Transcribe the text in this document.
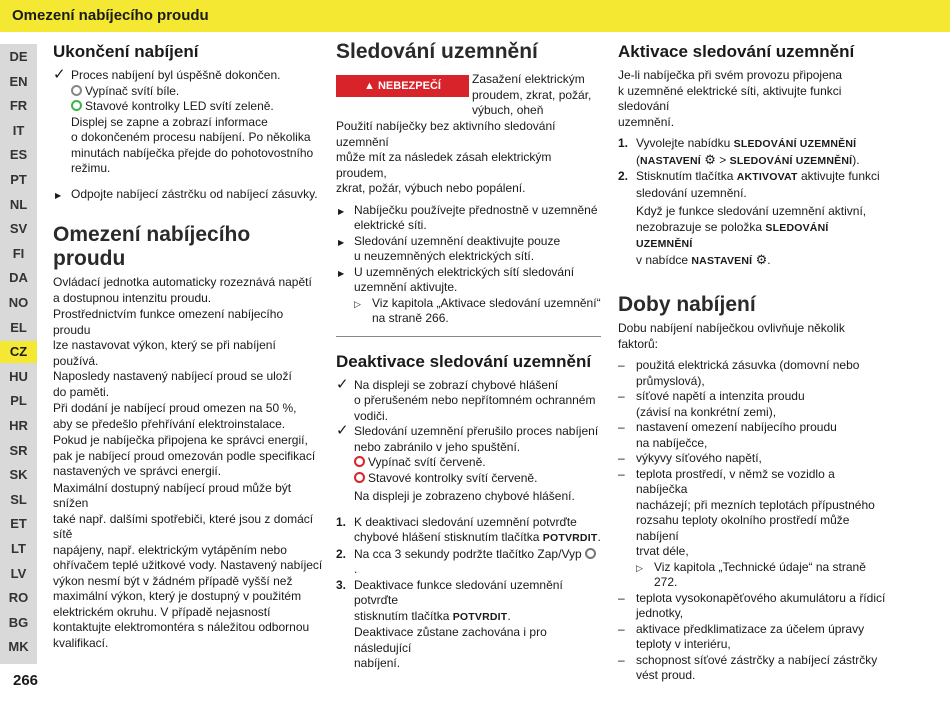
Omezení nabíjecího proudu
DE
EN
FR
IT
ES
PT
NL
SV
FI
DA
NO
EL
CZ
HU
PL
HR
SR
SK
SL
ET
LT
LV
RO
BG
MK
266

Ukončení nabíjení

✓ Proces nabíjení byl úspěšně dokončen.

Vypínač svítí bíle.

Stavové kontrolky LED svítí zeleně.

Displej se zapne a zobrazí informace

o dokončeném procesu nabíjení. Po několika

minutách nabíječka přejde do pohotovostního

režimu.

▶ Odpojte nabíjecí zástrčku od nabíjecí zásuvky.

Omezení nabíjecího proudu

Ovládací jednotka automaticky rozeznává napětí

a dostupnou intenzitu proudu.

Prostřednictvím funkce omezení nabíjecího proudu

lze nastavovat výkon, který se při nabíjení používá.

Naposledy nastavený nabíjecí proud se uloží

do paměti.

Při dodání je nabíjecí proud omezen na 50 %,

aby se předešlo přehřívání elektroinstalace.

Pokud je nabíječka připojena ke správci energií,

pak je nabíjecí proud omezován podle specifikací

nastavených ve správci energií.

Maximální dostupný nabíjecí proud může být snížen

také např. dalšími spotřebiči, které jsou z domácí sítě

napájeny, např. elektrickým vytápěním nebo

ohřívačem teplé užitkové vody. Nastavený nabíjecí

výkon nesmí být v žádném případě vyšší než

maximální výkon, který je dostupný v použitém

elektrickém okruhu. V případě nejasností

kontaktujte elektromontéra s náležitou odbornou

kvalifikací.

Sledování uzemnění

▲ NEBEZPEČÍ	Zasažení elektrickým

proudem, zkrat, požár,

výbuch, oheň

Použití nabíječky bez aktivního sledování uzemnění

může mít za následek zásah elektrickým proudem,

zkrat, požár, výbuch nebo popálení.

▶ Nabíječku používejte přednostně v uzemněné

elektrické síti.

▶ Sledování uzemnění deaktivujte pouze

u neuzemněných elektrických sítí.

▶ U uzemněných elektrických sítí sledování

uzemnění aktivujte.

▷ Viz kapitola „Aktivace sledování uzemnění“

na straně 266.

Deaktivace sledování uzemnění

✓ Na displeji se zobrazí chybové hlášení

o přerušeném nebo nepřítomném ochranném

vodiči.

✓ Sledování uzemnění přerušilo proces nabíjení

nebo zabránilo v jeho spuštění.

Vypínač svítí červeně.

Stavové kontrolky svítí červeně.

Na displeji je zobrazeno chybové hlášení.

1. K deaktivaci sledování uzemnění potvrďte

chybové hlášení stisknutím tlačítka POTVRDIT.

2. Na cca 3 sekundy podržte tlačítko Zap/Vyp .

3. Deaktivace funkce sledování uzemnění potvrďte

stisknutím tlačítka POTVRDIT.

Deaktivace zůstane zachována i pro následující

nabíjení.

Aktivace sledování uzemnění

Je-li nabíječka při svém provozu připojena

k uzemněné elektrické síti, aktivujte funkci sledování

uzemnění.

1. Vyvolejte nabídku SLEDOVÁNÍ UZEMNĚNÍ

(NASTAVENÍ ⚙ > SLEDOVÁNÍ UZEMNĚNÍ).

2. Stisknutím tlačítka AKTIVOVAT aktivujte funkci

sledování uzemnění.

Když je funkce sledování uzemnění aktivní,

nezobrazuje se položka SLEDOVÁNÍ UZEMNĚNÍ

v nabídce NASTAVENÍ ⚙.

Doby nabíjení

Dobu nabíjení nabíječkou ovlivňuje několik faktorů:

– použitá elektrická zásuvka (domovní nebo

průmyslová),

– síťové napětí a intenzita proudu

(závisí na konkrétní zemi),

– nastavení omezení nabíjecího proudu

na nabíječce,

– výkyvy síťového napětí,

– teplota prostředí, v němž se vozidlo a nabíječka

nacházejí; při mezních teplotách přípustného

rozsahu teploty okolního prostředí může nabíjení

trvat déle,

▷ Viz kapitola „Technické údaje“ na straně 272.

– teplota vysokonapěťového akumulátoru a řídicí

jednotky,

– aktivace předklimatizace za účelem úpravy

teploty v interiéru,

– schopnost síťové zástrčky a nabíjecí zástrčky

vést proud.
